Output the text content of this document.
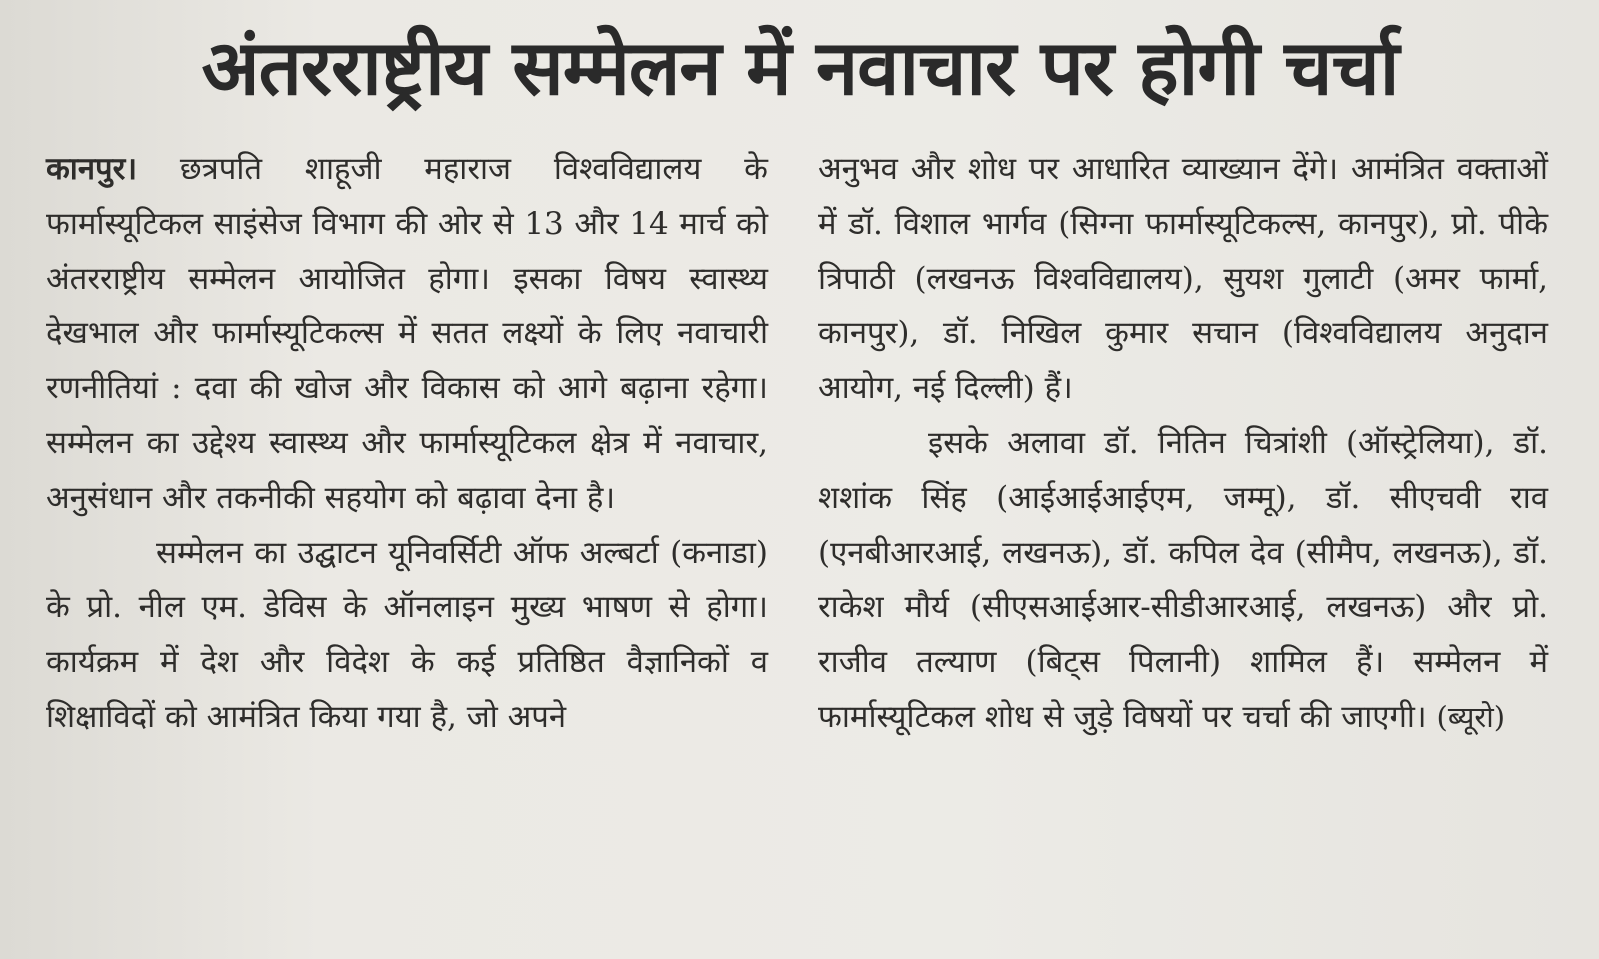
अंतरराष्ट्रीय सम्मेलन में नवाचार पर होगी चर्चा

कानपुर। छत्रपति शाहूजी महाराज विश्वविद्यालय के फार्मास्यूटिकल साइंसेज विभाग की ओर से 13 और 14 मार्च को अंतरराष्ट्रीय सम्मेलन आयोजित होगा। इसका विषय स्वास्थ्य देखभाल और फार्मास्यूटिकल्स में सतत लक्ष्यों के लिए नवाचारी रणनीतियां : दवा की खोज और विकास को आगे बढ़ाना रहेगा। सम्मेलन का उद्देश्य स्वास्थ्य और फार्मास्यूटिकल क्षेत्र में नवाचार, अनुसंधान और तकनीकी सहयोग को बढ़ावा देना है।

सम्मेलन का उद्घाटन यूनिवर्सिटी ऑफ अल्बर्टा (कनाडा) के प्रो. नील एम. डेविस के ऑनलाइन मुख्य भाषण से होगा। कार्यक्रम में देश और विदेश के कई प्रतिष्ठित वैज्ञानिकों व शिक्षाविदों को आमंत्रित किया गया है, जो अपने

अनुभव और शोध पर आधारित व्याख्यान देंगे। आमंत्रित वक्ताओं में डॉ. विशाल भार्गव (सिग्ना फार्मास्यूटिकल्स, कानपुर), प्रो. पीके त्रिपाठी (लखनऊ विश्वविद्यालय), सुयश गुलाटी (अमर फार्मा, कानपुर), डॉ. निखिल कुमार सचान (विश्वविद्यालय अनुदान आयोग, नई दिल्ली) हैं।

इसके अलावा डॉ. नितिन चित्रांशी (ऑस्ट्रेलिया), डॉ. शशांक सिंह (आईआईआईएम, जम्मू), डॉ. सीएचवी राव (एनबीआरआई, लखनऊ), डॉ. कपिल देव (सीमैप, लखनऊ), डॉ. राकेश मौर्य (सीएसआईआर-सीडीआरआई, लखनऊ) और प्रो. राजीव तल्याण (बिट्स पिलानी) शामिल हैं। सम्मेलन में फार्मास्यूटिकल शोध से जुड़े विषयों पर चर्चा की जाएगी। (ब्यूरो)
